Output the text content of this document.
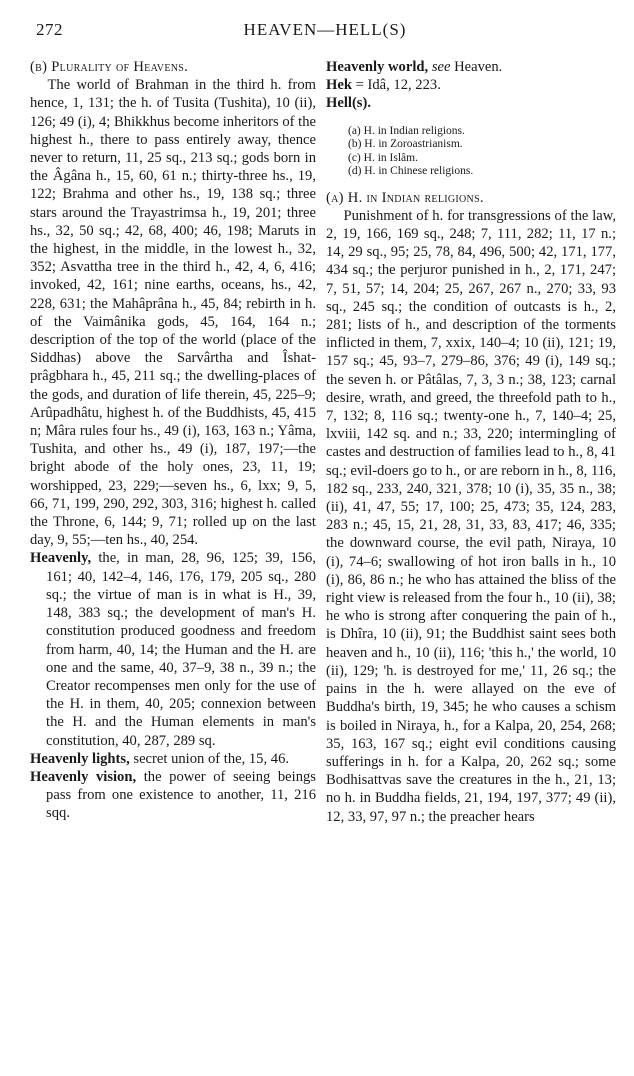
272	HEAVEN—HELL(S)

(b) Plurality of Heavens.

The world of Brahman in the third h. from hence, 1, 131; the h. of Tusita (Tushita), 10 (ii), 126; 49 (i), 4; Bhikkhus become inheritors of the highest h., there to pass entirely away, thence never to return, 11, 25 sq., 213 sq.; gods born in the Âgâna h., 15, 60, 61 n.; thirty-three hs., 19, 122; Brahma and other hs., 19, 138 sq.; three stars around the Trayastrimsa h., 19, 201; three hs., 32, 50 sq.; 42, 68, 400; 46, 198; Maruts in the highest, in the middle, in the lowest h., 32, 352; Asvattha tree in the third h., 42, 4, 6, 416; invoked, 42, 161; nine earths, oceans, hs., 42, 228, 631; the Mahâprâna h., 45, 84; rebirth in h. of the Vaimânika gods, 45, 164, 164 n.; description of the top of the world (place of the Siddhas) above the Sarvârtha and Îshat-prâgbhara h., 45, 211 sq.; the dwelling-places of the gods, and duration of life therein, 45, 225–9; Arûpadhâtu, highest h. of the Buddhists, 45, 415 n; Mâra rules four hs., 49 (i), 163, 163 n.; Yâma, Tushita, and other hs., 49 (i), 187, 197;—the bright abode of the holy ones, 23, 11, 19; worshipped, 23, 229;—seven hs., 6, lxx; 9, 5, 66, 71, 199, 290, 292, 303, 316; highest h. called the Throne, 6, 144; 9, 71; rolled up on the last day, 9, 55;—ten hs., 40, 254.

Heavenly, the, in man, 28, 96, 125; 39, 156, 161; 40, 142–4, 146, 176, 179, 205 sq., 280 sq.; the virtue of man is in what is H., 39, 148, 383 sq.; the development of man's H. constitution produced goodness and freedom from harm, 40, 14; the Human and the H. are one and the same, 40, 37–9, 38 n., 39 n.; the Creator recompenses men only for the use of the H. in them, 40, 205; connexion between the H. and the Human elements in man's constitution, 40, 287, 289 sq.

Heavenly lights, secret union of the, 15, 46.

Heavenly vision, the power of seeing beings pass from one existence to another, 11, 216 sqq.

Heavenly world, see Heaven.

Hek = Idâ, 12, 223.

Hell(s).

(a) H. in Indian religions.
(b) H. in Zoroastrianism.
(c) H. in Islâm.
(d) H. in Chinese religions.

(a) H. in Indian religions.

Punishment of h. for transgressions of the law, 2, 19, 166, 169 sq., 248; 7, 111, 282; 11, 17 n.; 14, 29 sq., 95; 25, 78, 84, 496, 500; 42, 171, 177, 434 sq.; the perjuror punished in h., 2, 171, 247; 7, 51, 57; 14, 204; 25, 267, 267 n., 270; 33, 93 sq., 245 sq.; the condition of outcasts is h., 2, 281; lists of h., and description of the torments inflicted in them, 7, xxix, 140–4; 10 (ii), 121; 19, 157 sq.; 45, 93–7, 279–86, 376; 49 (i), 149 sq.; the seven h. or Pâtâlas, 7, 3, 3 n.; 38, 123; carnal desire, wrath, and greed, the threefold path to h., 7, 132; 8, 116 sq.; twenty-one h., 7, 140–4; 25, lxviii, 142 sq. and n.; 33, 220; intermingling of castes and destruction of families lead to h., 8, 41 sq.; evil-doers go to h., or are reborn in h., 8, 116, 182 sq., 233, 240, 321, 378; 10 (i), 35, 35 n., 38; (ii), 41, 47, 55; 17, 100; 25, 473; 35, 124, 283, 283 n.; 45, 15, 21, 28, 31, 33, 83, 417; 46, 335; the downward course, the evil path, Niraya, 10 (i), 74–6; swallowing of hot iron balls in h., 10 (i), 86, 86 n.; he who has attained the bliss of the right view is released from the four h., 10 (ii), 38; he who is strong after conquering the pain of h., is Dhîra, 10 (ii), 91; the Buddhist saint sees both heaven and h., 10 (ii), 116; 'this h.,' the world, 10 (ii), 129; 'h. is destroyed for me,' 11, 26 sq.; the pains in the h. were allayed on the eve of Buddha's birth, 19, 345; he who causes a schism is boiled in Niraya, h., for a Kalpa, 20, 254, 268; 35, 163, 167 sq.; eight evil conditions causing sufferings in h. for a Kalpa, 20, 262 sq.; some Bodhisattvas save the creatures in the h., 21, 13; no h. in Buddha fields, 21, 194, 197, 377; 49 (ii), 12, 33, 97, 97 n.; the preacher hears
